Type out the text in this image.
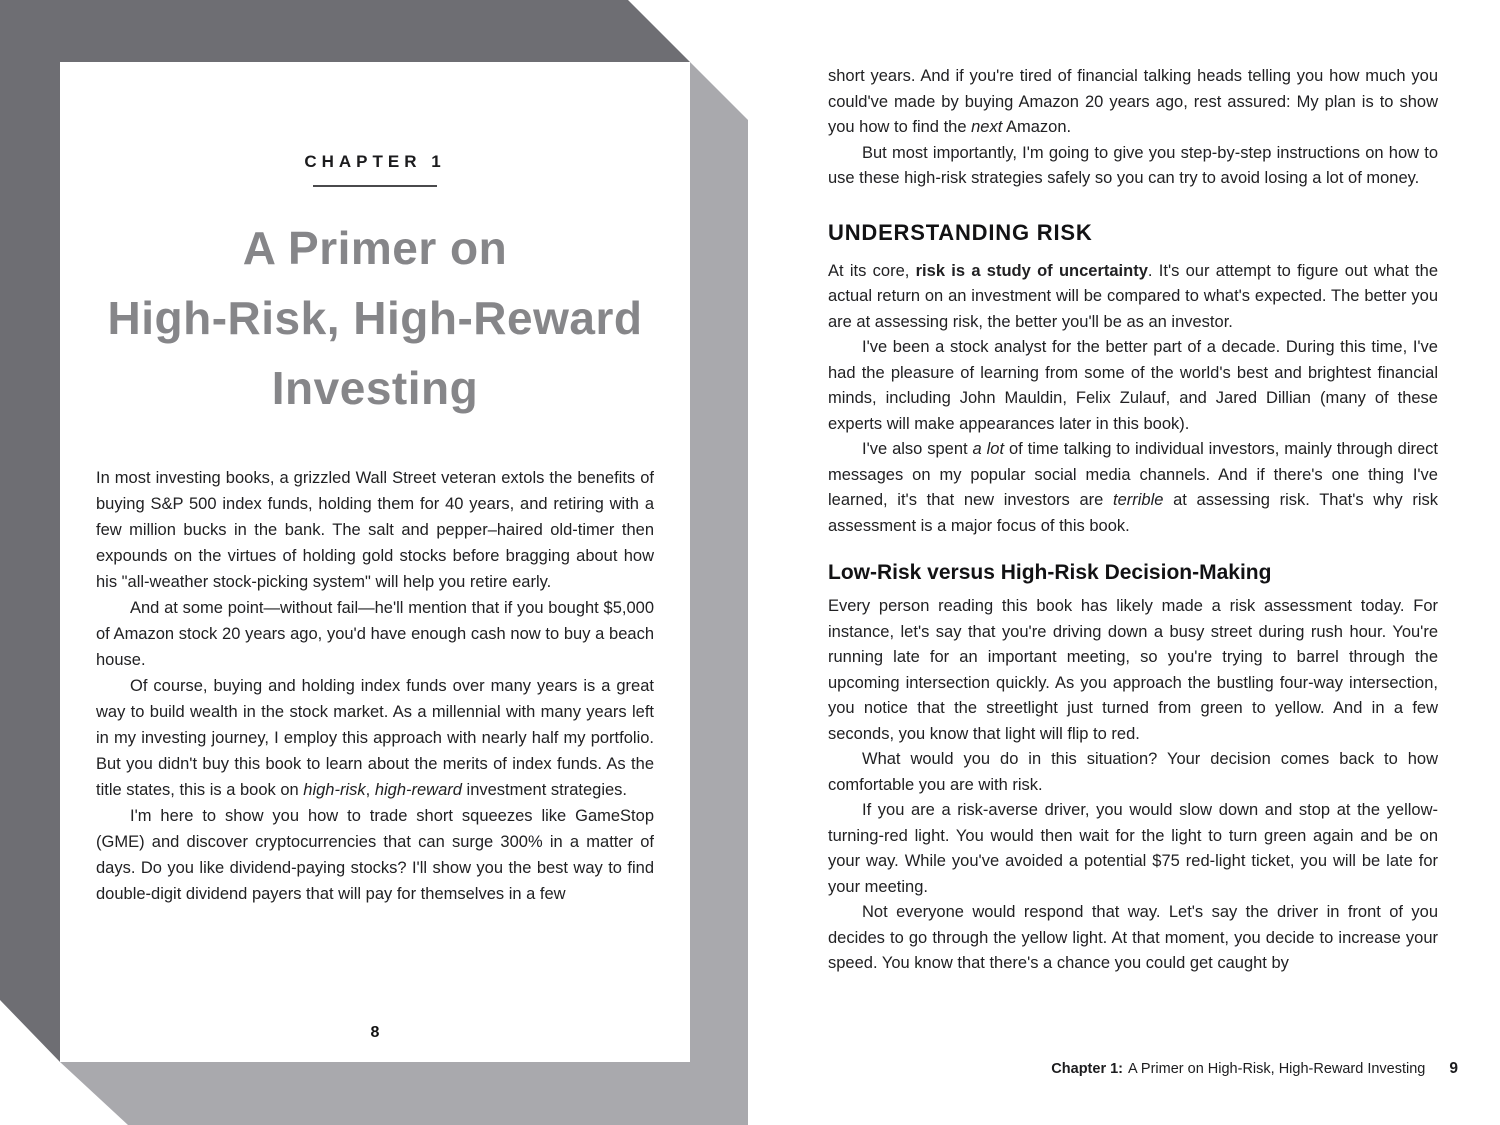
CHAPTER 1
A Primer on
High-Risk, High-Reward
Investing

In most investing books, a grizzled Wall Street veteran extols the benefits of buying S&P 500 index funds, holding them for 40 years, and retiring with a few million bucks in the bank. The salt and pepper–haired old-timer then expounds on the virtues of holding gold stocks before bragging about how his "all-weather stock-picking system" will help you retire early.

And at some point—without fail—he'll mention that if you bought $5,000 of Amazon stock 20 years ago, you'd have enough cash now to buy a beach house.

Of course, buying and holding index funds over many years is a great way to build wealth in the stock market. As a millennial with many years left in my investing journey, I employ this approach with nearly half my portfolio. But you didn't buy this book to learn about the merits of index funds. As the title states, this is a book on high-risk, high-reward investment strategies.

I'm here to show you how to trade short squeezes like GameStop (GME) and discover cryptocurrencies that can surge 300% in a matter of days. Do you like dividend-paying stocks? I'll show you the best way to find double-digit dividend payers that will pay for themselves in a few

8

short years. And if you're tired of financial talking heads telling you how much you could've made by buying Amazon 20 years ago, rest assured: My plan is to show you how to find the next Amazon.

But most importantly, I'm going to give you step-by-step instructions on how to use these high-risk strategies safely so you can try to avoid losing a lot of money.

UNDERSTANDING RISK

At its core, risk is a study of uncertainty. It's our attempt to figure out what the actual return on an investment will be compared to what's expected. The better you are at assessing risk, the better you'll be as an investor.

I've been a stock analyst for the better part of a decade. During this time, I've had the pleasure of learning from some of the world's best and brightest financial minds, including John Mauldin, Felix Zulauf, and Jared Dillian (many of these experts will make appearances later in this book).

I've also spent a lot of time talking to individual investors, mainly through direct messages on my popular social media channels. And if there's one thing I've learned, it's that new investors are terrible at assessing risk. That's why risk assessment is a major focus of this book.

Low-Risk versus High-Risk Decision-Making

Every person reading this book has likely made a risk assessment today. For instance, let's say that you're driving down a busy street during rush hour. You're running late for an important meeting, so you're trying to barrel through the upcoming intersection quickly. As you approach the bustling four-way intersection, you notice that the streetlight just turned from green to yellow. And in a few seconds, you know that light will flip to red.

What would you do in this situation? Your decision comes back to how comfortable you are with risk.

If you are a risk-averse driver, you would slow down and stop at the yellow-turning-red light. You would then wait for the light to turn green again and be on your way. While you've avoided a potential $75 red-light ticket, you will be late for your meeting.

Not everyone would respond that way. Let's say the driver in front of you decides to go through the yellow light. At that moment, you decide to increase your speed. You know that there's a chance you could get caught by

Chapter 1: A Primer on High-Risk, High-Reward Investing 9
